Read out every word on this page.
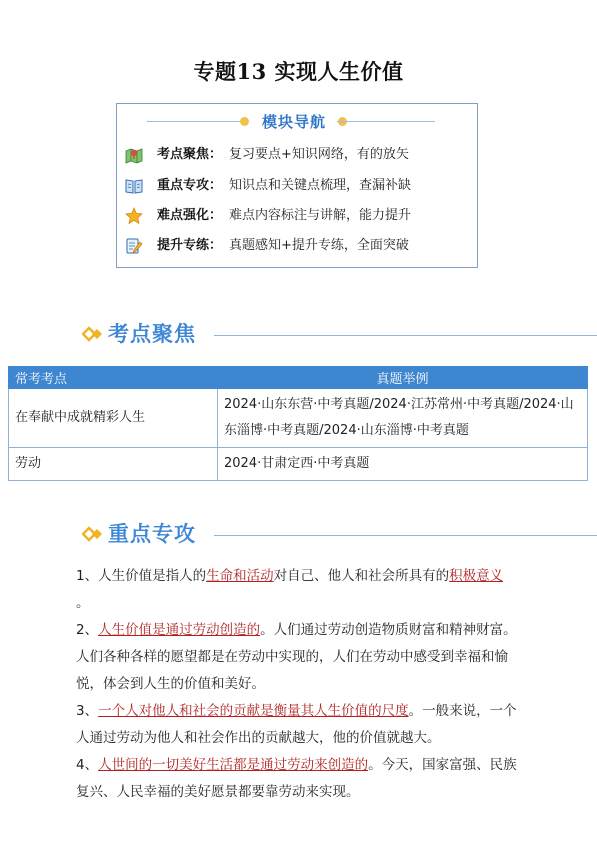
专题13 实现人生价值
模块导航
考点聚焦： 复习要点+知识网络，有的放矢
重点专攻： 知识点和关键点梳理，查漏补缺
难点强化： 难点内容标注与讲解，能力提升
提升专练： 真题感知+提升专练，全面突破
考点聚焦
常考考点	真题举例
在奉献中成就精彩人生	2024·山东东营·中考真题/2024·江苏常州·中考真题/2024·山东淄博·中考真题/2024·山东淄博·中考真题
劳动	2024·甘肃定西·中考真题
重点专攻

1、人生价值是指人的生命和活动对自己、他人和社会所具有的积极意义
。

2、人生价值是通过劳动创造的。人们通过劳动创造物质财富和精神财富。人们各种各样的愿望都是在劳动中实现的，人们在劳动中感受到幸福和愉悦，体会到人生的价值和美好。

3、一个人对他人和社会的贡献是衡量其人生价值的尺度。一般来说，一个人通过劳动为他人和社会作出的贡献越大，他的价值就越大。

4、人世间的一切美好生活都是通过劳动来创造的。今天，国家富强、民族复兴、人民幸福的美好愿景都要靠劳动来实现。
